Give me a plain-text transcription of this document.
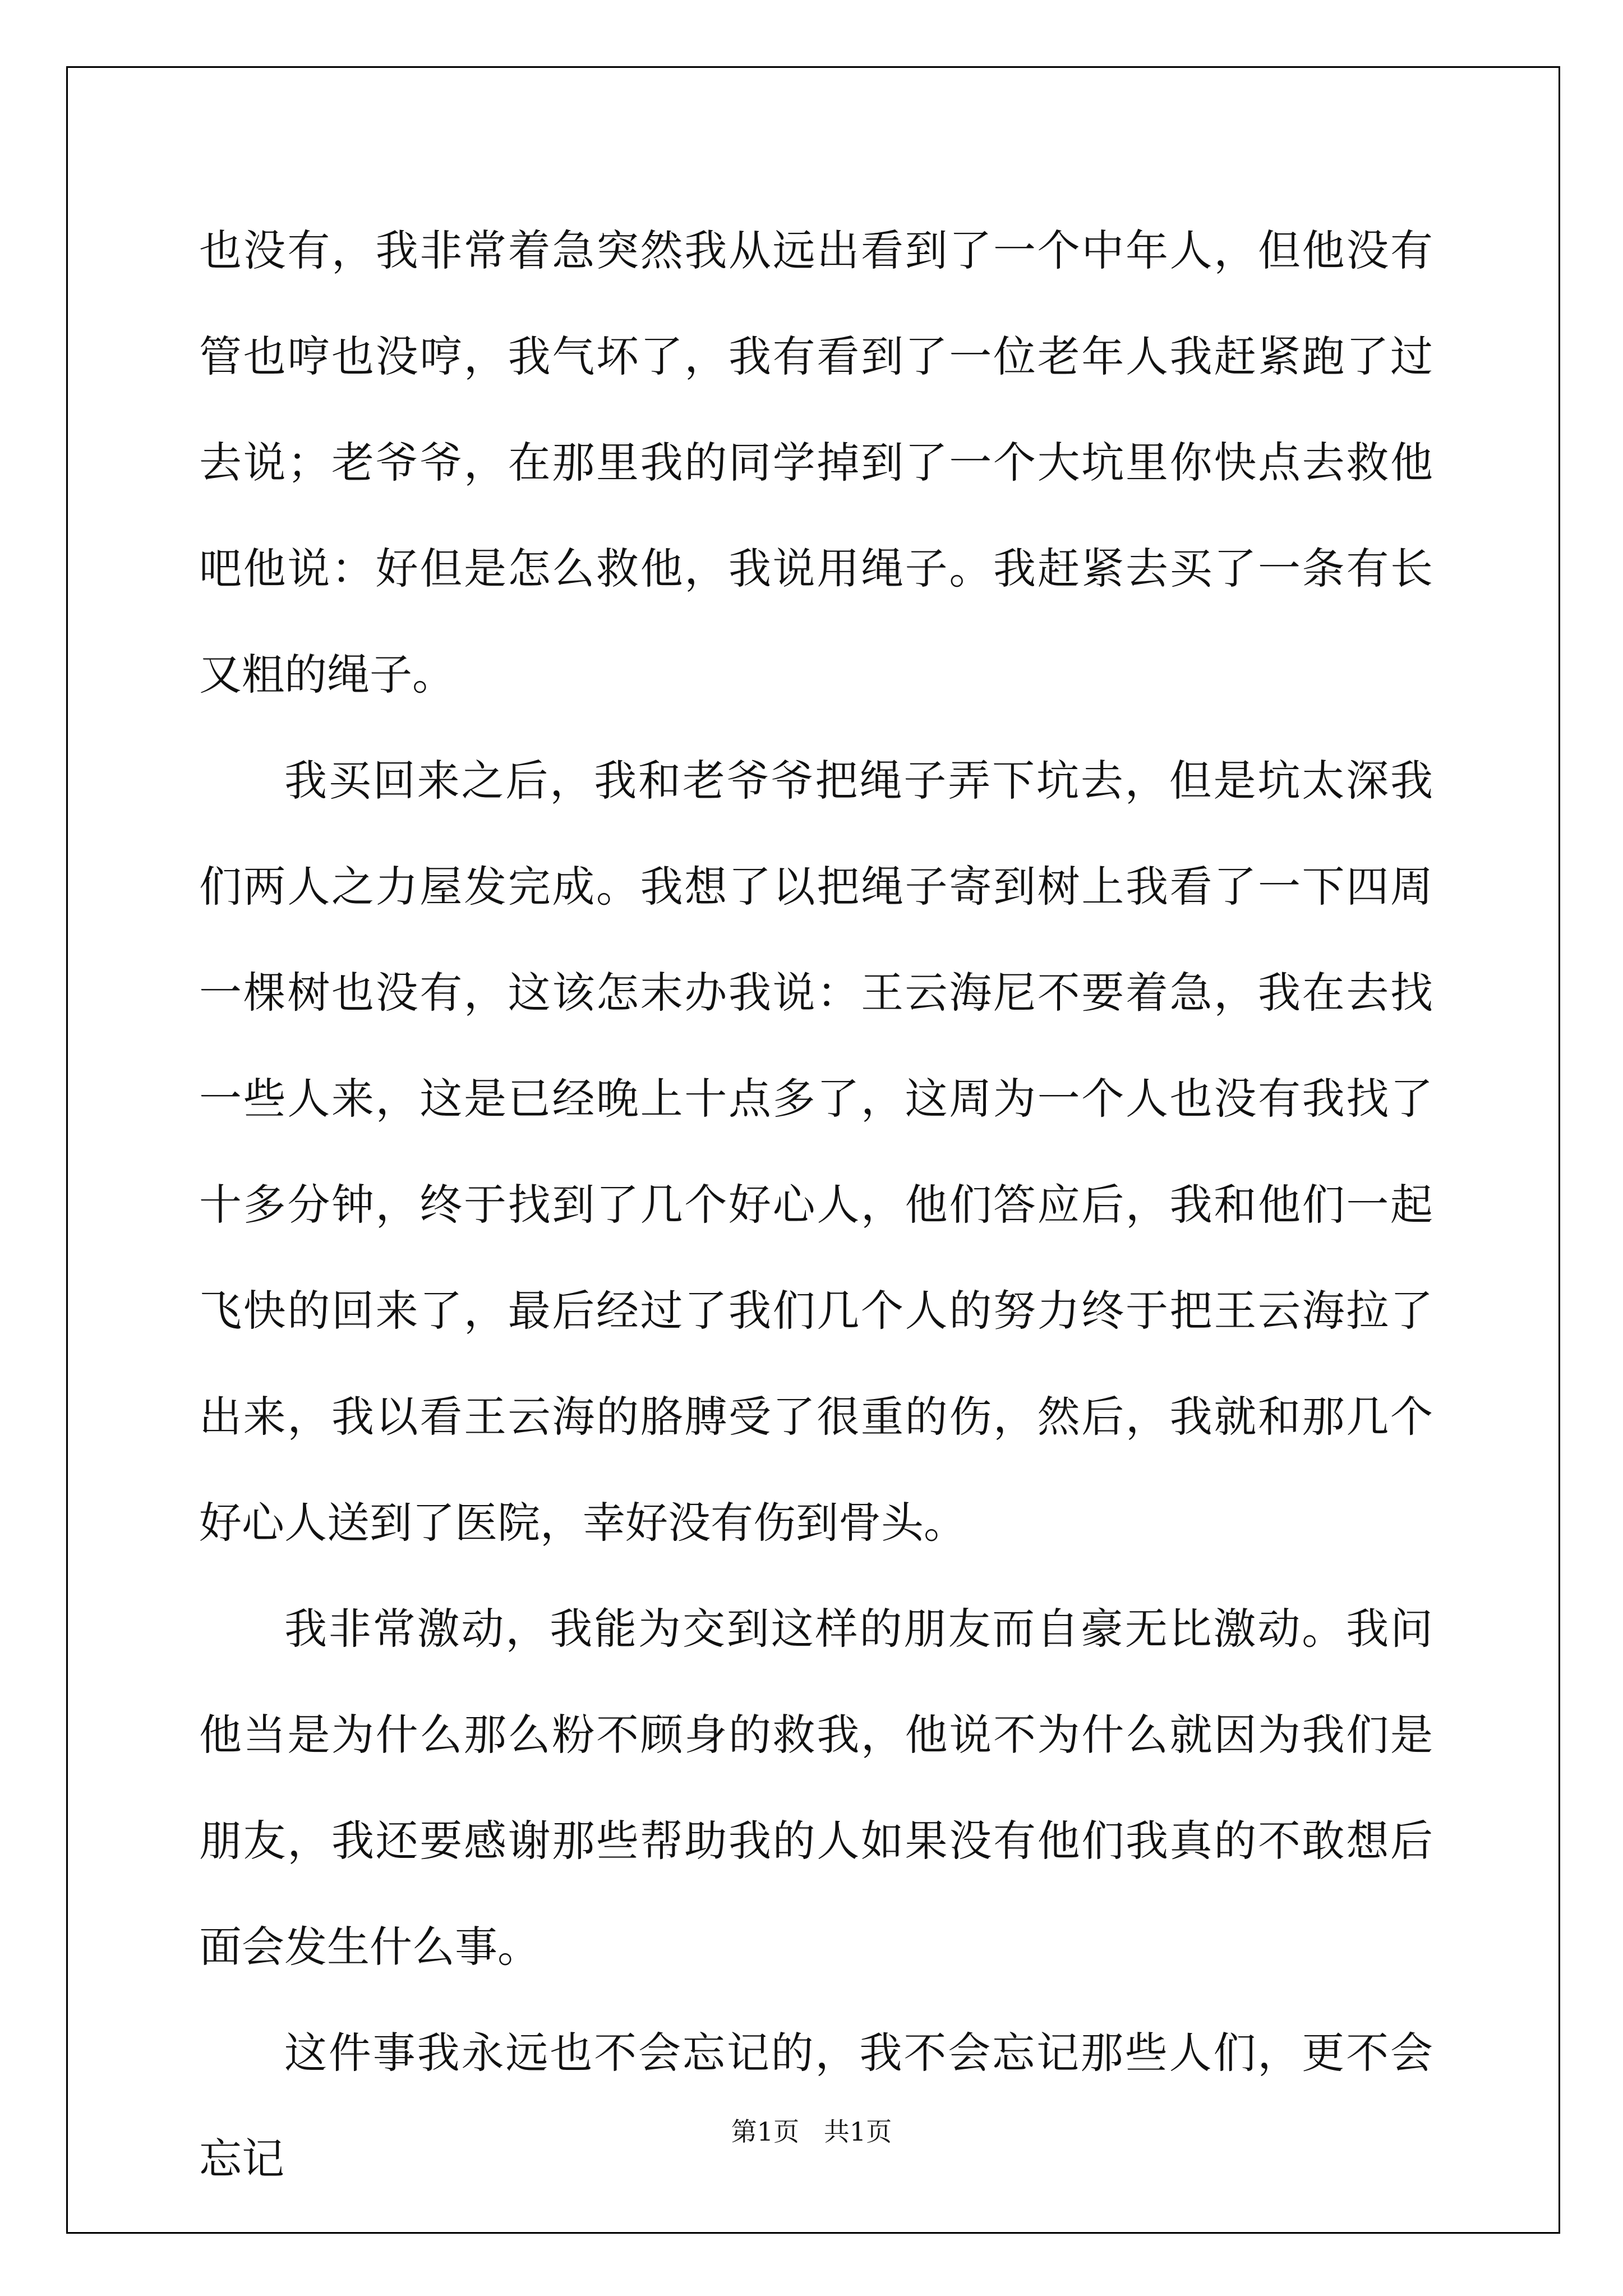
也没有，我非常着急突然我从远出看到了一个中年人，但他没有管也哼也没哼，我气坏了，我有看到了一位老年人我赶紧跑了过去说；老爷爷，在那里我的同学掉到了一个大坑里你快点去救他吧他说：好但是怎么救他，我说用绳子。我赶紧去买了一条有长又粗的绳子。

我买回来之后，我和老爷爷把绳子弄下坑去，但是坑太深我们两人之力屋发完成。我想了以把绳子寄到树上我看了一下四周一棵树也没有，这该怎末办我说：王云海尼不要着急，我在去找一些人来，这是已经晚上十点多了，这周为一个人也没有我找了十多分钟，终于找到了几个好心人，他们答应后，我和他们一起飞快的回来了，最后经过了我们几个人的努力终于把王云海拉了出来，我以看王云海的胳膊受了很重的伤，然后，我就和那几个好心人送到了医院，幸好没有伤到骨头。

我非常激动，我能为交到这样的朋友而自豪无比激动。我问他当是为什么那么粉不顾身的救我，他说不为什么就因为我们是朋友，我还要感谢那些帮助我的人如果没有他们我真的不敢想后面会发生什么事。

这件事我永远也不会忘记的，我不会忘记那些人们，更不会忘记

第1页   共1页
